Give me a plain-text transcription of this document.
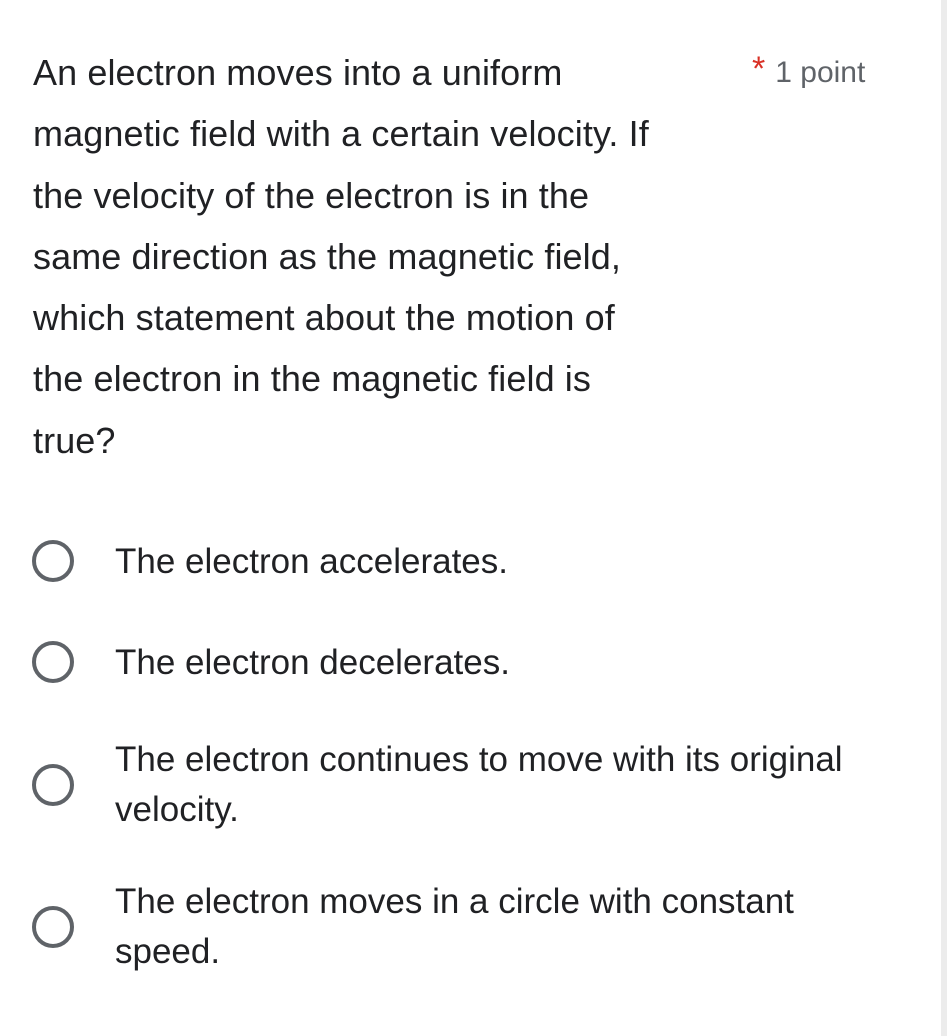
An electron moves into a uniform
magnetic field with a certain velocity. If
the velocity of the electron is in the
same direction as the magnetic field,
which statement about the motion of
the electron in the magnetic field is
true?
* 1 point
The electron accelerates.
The electron decelerates.
The electron continues to move with its original velocity.
The electron moves in a circle with constant speed.
